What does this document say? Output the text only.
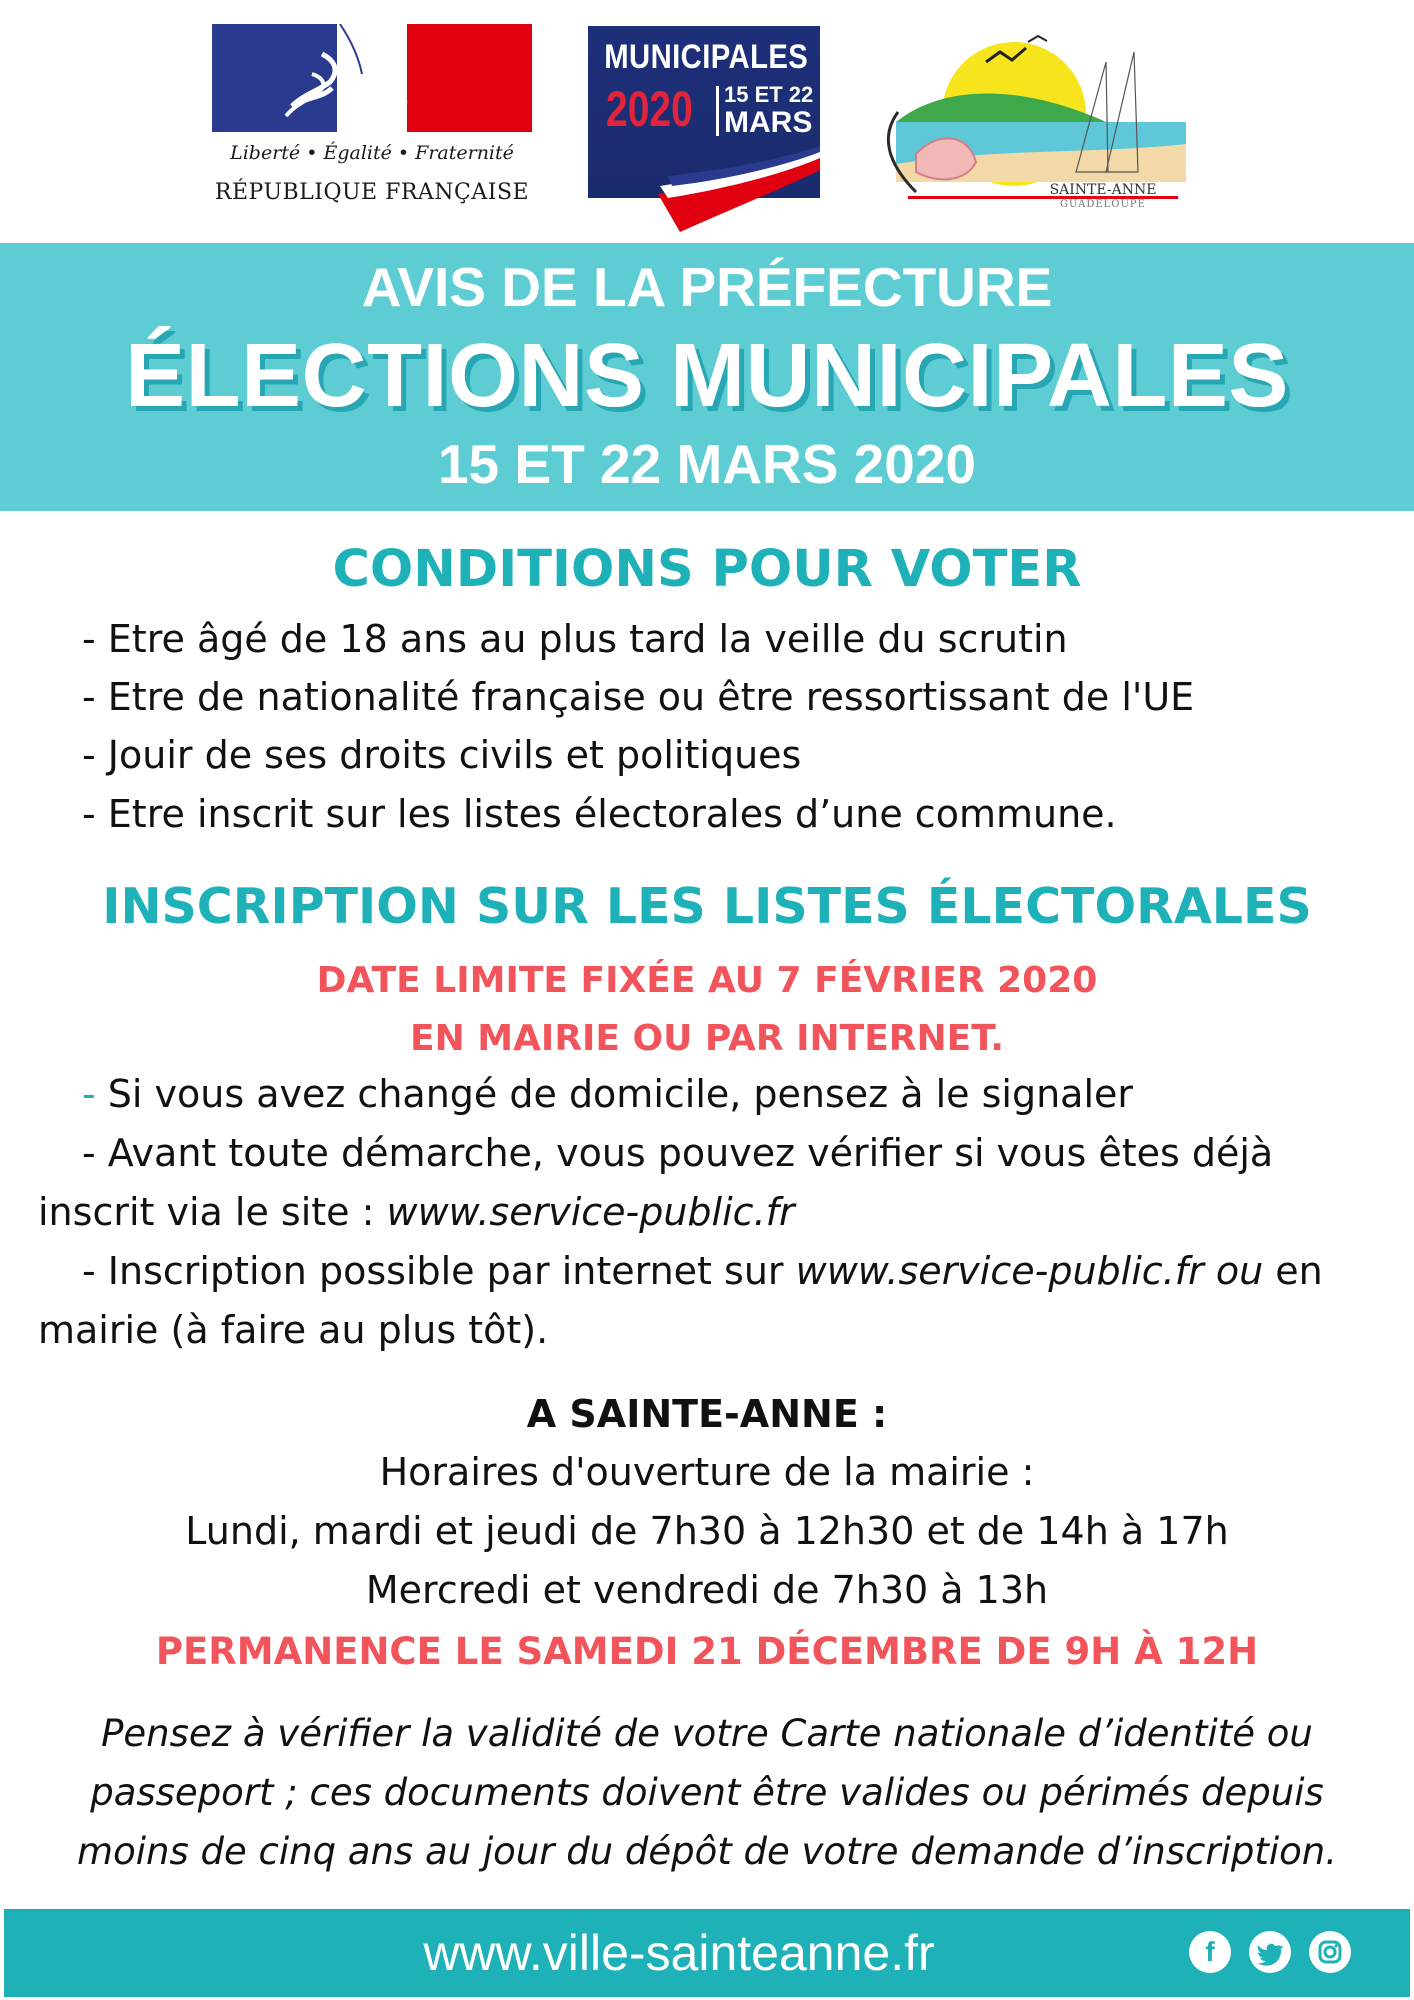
Liberté • Égalité • Fraternité
RÉPUBLIQUE FRANÇAISE
MUNICIPALES
2020 15 ET 22
MARS
SAINTE-ANNE
GUADELOUPE
AVIS DE LA PRÉFECTURE
ÉLECTIONS MUNICIPALES
15 ET 22 MARS 2020
CONDITIONS POUR VOTER
- Etre âgé de 18 ans au plus tard la veille du scrutin
- Etre de nationalité française ou être ressortissant de l'UE
- Jouir de ses droits civils et politiques
- Etre inscrit sur les listes électorales d’une commune.
INSCRIPTION SUR LES LISTES ÉLECTORALES
DATE LIMITE FIXÉE AU 7 FÉVRIER 2020
EN MAIRIE OU PAR INTERNET.
- Si vous avez changé de domicile, pensez à le signaler
- Avant toute démarche, vous pouvez vérifier si vous êtes déjà
inscrit via le site : www.service-public.fr
- Inscription possible par internet sur www.service-public.fr ou en
mairie (à faire au plus tôt).
A SAINTE-ANNE :
Horaires d'ouverture de la mairie :
Lundi, mardi et jeudi de 7h30 à 12h30 et de 14h à 17h
Mercredi et vendredi de 7h30 à 13h
PERMANENCE LE SAMEDI 21 DÉCEMBRE DE 9H À 12H
Pensez à vérifier la validité de votre Carte nationale d’identité ou
passeport ; ces documents doivent être valides ou périmés depuis
moins de cinq ans au jour du dépôt de votre demande d’inscription.
www.ville-sainteanne.fr	f
